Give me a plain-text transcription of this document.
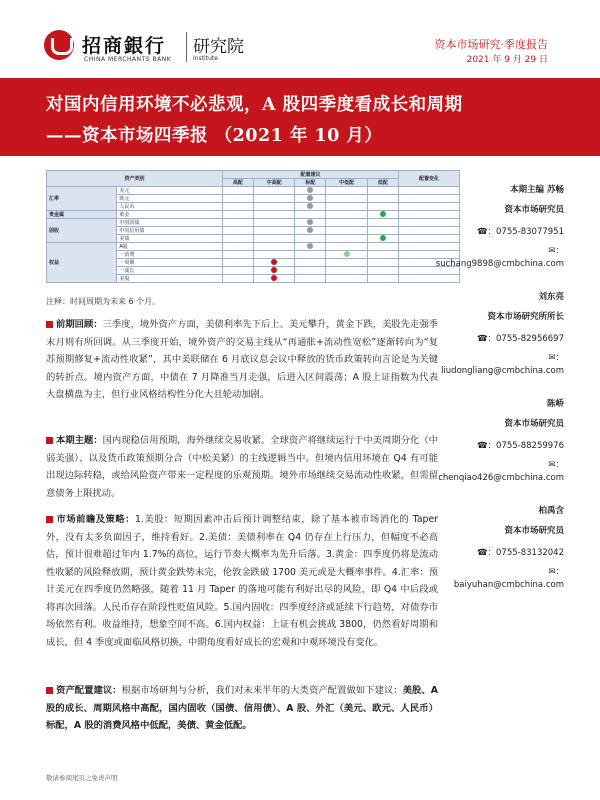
招商銀行
CHINA MERCHANTS BANK
研究院
Institute
资本市场研究·季度报告
2021 年 9 月 29 日
对国内信用环境不必悲观，A 股四季度看成长和周期
——资本市场四季报 （2021 年 10 月）
资产类别		配置建议					配置变化
		高配	中高配	标配	中低配	低配	
汇率	美元						
	欧元						
	人民币						
贵金属	黄金						
固收	中国国债						
	中国信用债						
	美债						
权益	A股						
	一消费						
	一周期						
	一成长						
	美股						
注释：时间周期为未来 6 个月。
本期主编 苏畅
资本市场研究员
☎：0755-83077951
✉：
suchang9898@cmbchina.com
刘东亮
资本市场研究所所长
☎：0755-82956697
✉：
liudongliang@cmbchina.com
陈峤
资本市场研究员
☎：0755-88259976
✉：
chenqiao426@cmbchina.com
柏禹含
资本市场研究员
☎：0755-83132042
✉：
baiyuhan@cmbchina.com
前期回顾：三季度，境外资产方面，美债利率先下后上、美元攀升，黄金下跌，美股先走强季末月则有所回调。从三季度开始，境外资产的交易主线从“再通胀+流动性宽松”逐渐转向为“复苏预期修复+流动性收紧”，其中美联储在 6 月底议息会议中释放的货币政策转向言论是为关键的转折点。境内资产方面，中债在 7 月降准当月走强，后进入区间震荡；A 股上证指数为代表大盘横盘为主，但行业风格结构性分化大且轮动加剧。
本期主题：国内现稳信用预期，海外继续交易收紧。全球资产将继续运行于中美周期分化（中弱美强）、以及货币政策预期分合（中松美紧）的主线逻辑当中。但境内信用环境在 Q4 有可能出现边际转稳，或给风险资产带来一定程度的乐观预期。境外市场继续交易流动性收紧，但需留意债务上限扰动。
市场前瞻及策略：1.美股：短期因素冲击后预计调整结束，除了基本被市场消化的 Taper 外，没有太多负面因子，维持看好。2.美债：美债利率在 Q4 仍存在上行压力，但幅度不必高估，预计很难超过年内 1.7%的高位，运行节奏大概率为先升后落。3.黄金：四季度仍将是流动性收紧的风险释放期，预计黄金跌势未完，伦敦金跌破 1700 美元或是大概率事件。4.汇率：预计美元在四季度仍然略强，随着 11 月 Taper 的落地可能有利好出尽的风险，即 Q4 中后段或将再次回落。人民币存在阶段性贬值风险。5.国内固收：四季度经济或延续下行趋势，对债券市场依然有利。收益维持，想象空间不高。6.国内权益：上证有机会挑战 3800，仍然看好周期和成长，但 4 季度或面临风格切换，中期角度看好成长的宏观和中观环境没有变化。
资产配置建议：根据市场研判与分析，我们对未来半年的大类资产配置做如下建议：美股、A 股的成长、周期风格中高配，国内固收（国债、信用债）、A 股、外汇（美元、欧元、人民币）标配，A 股的消费风格中低配，美债、黄金低配。
敬请参阅尾页之免责声明
